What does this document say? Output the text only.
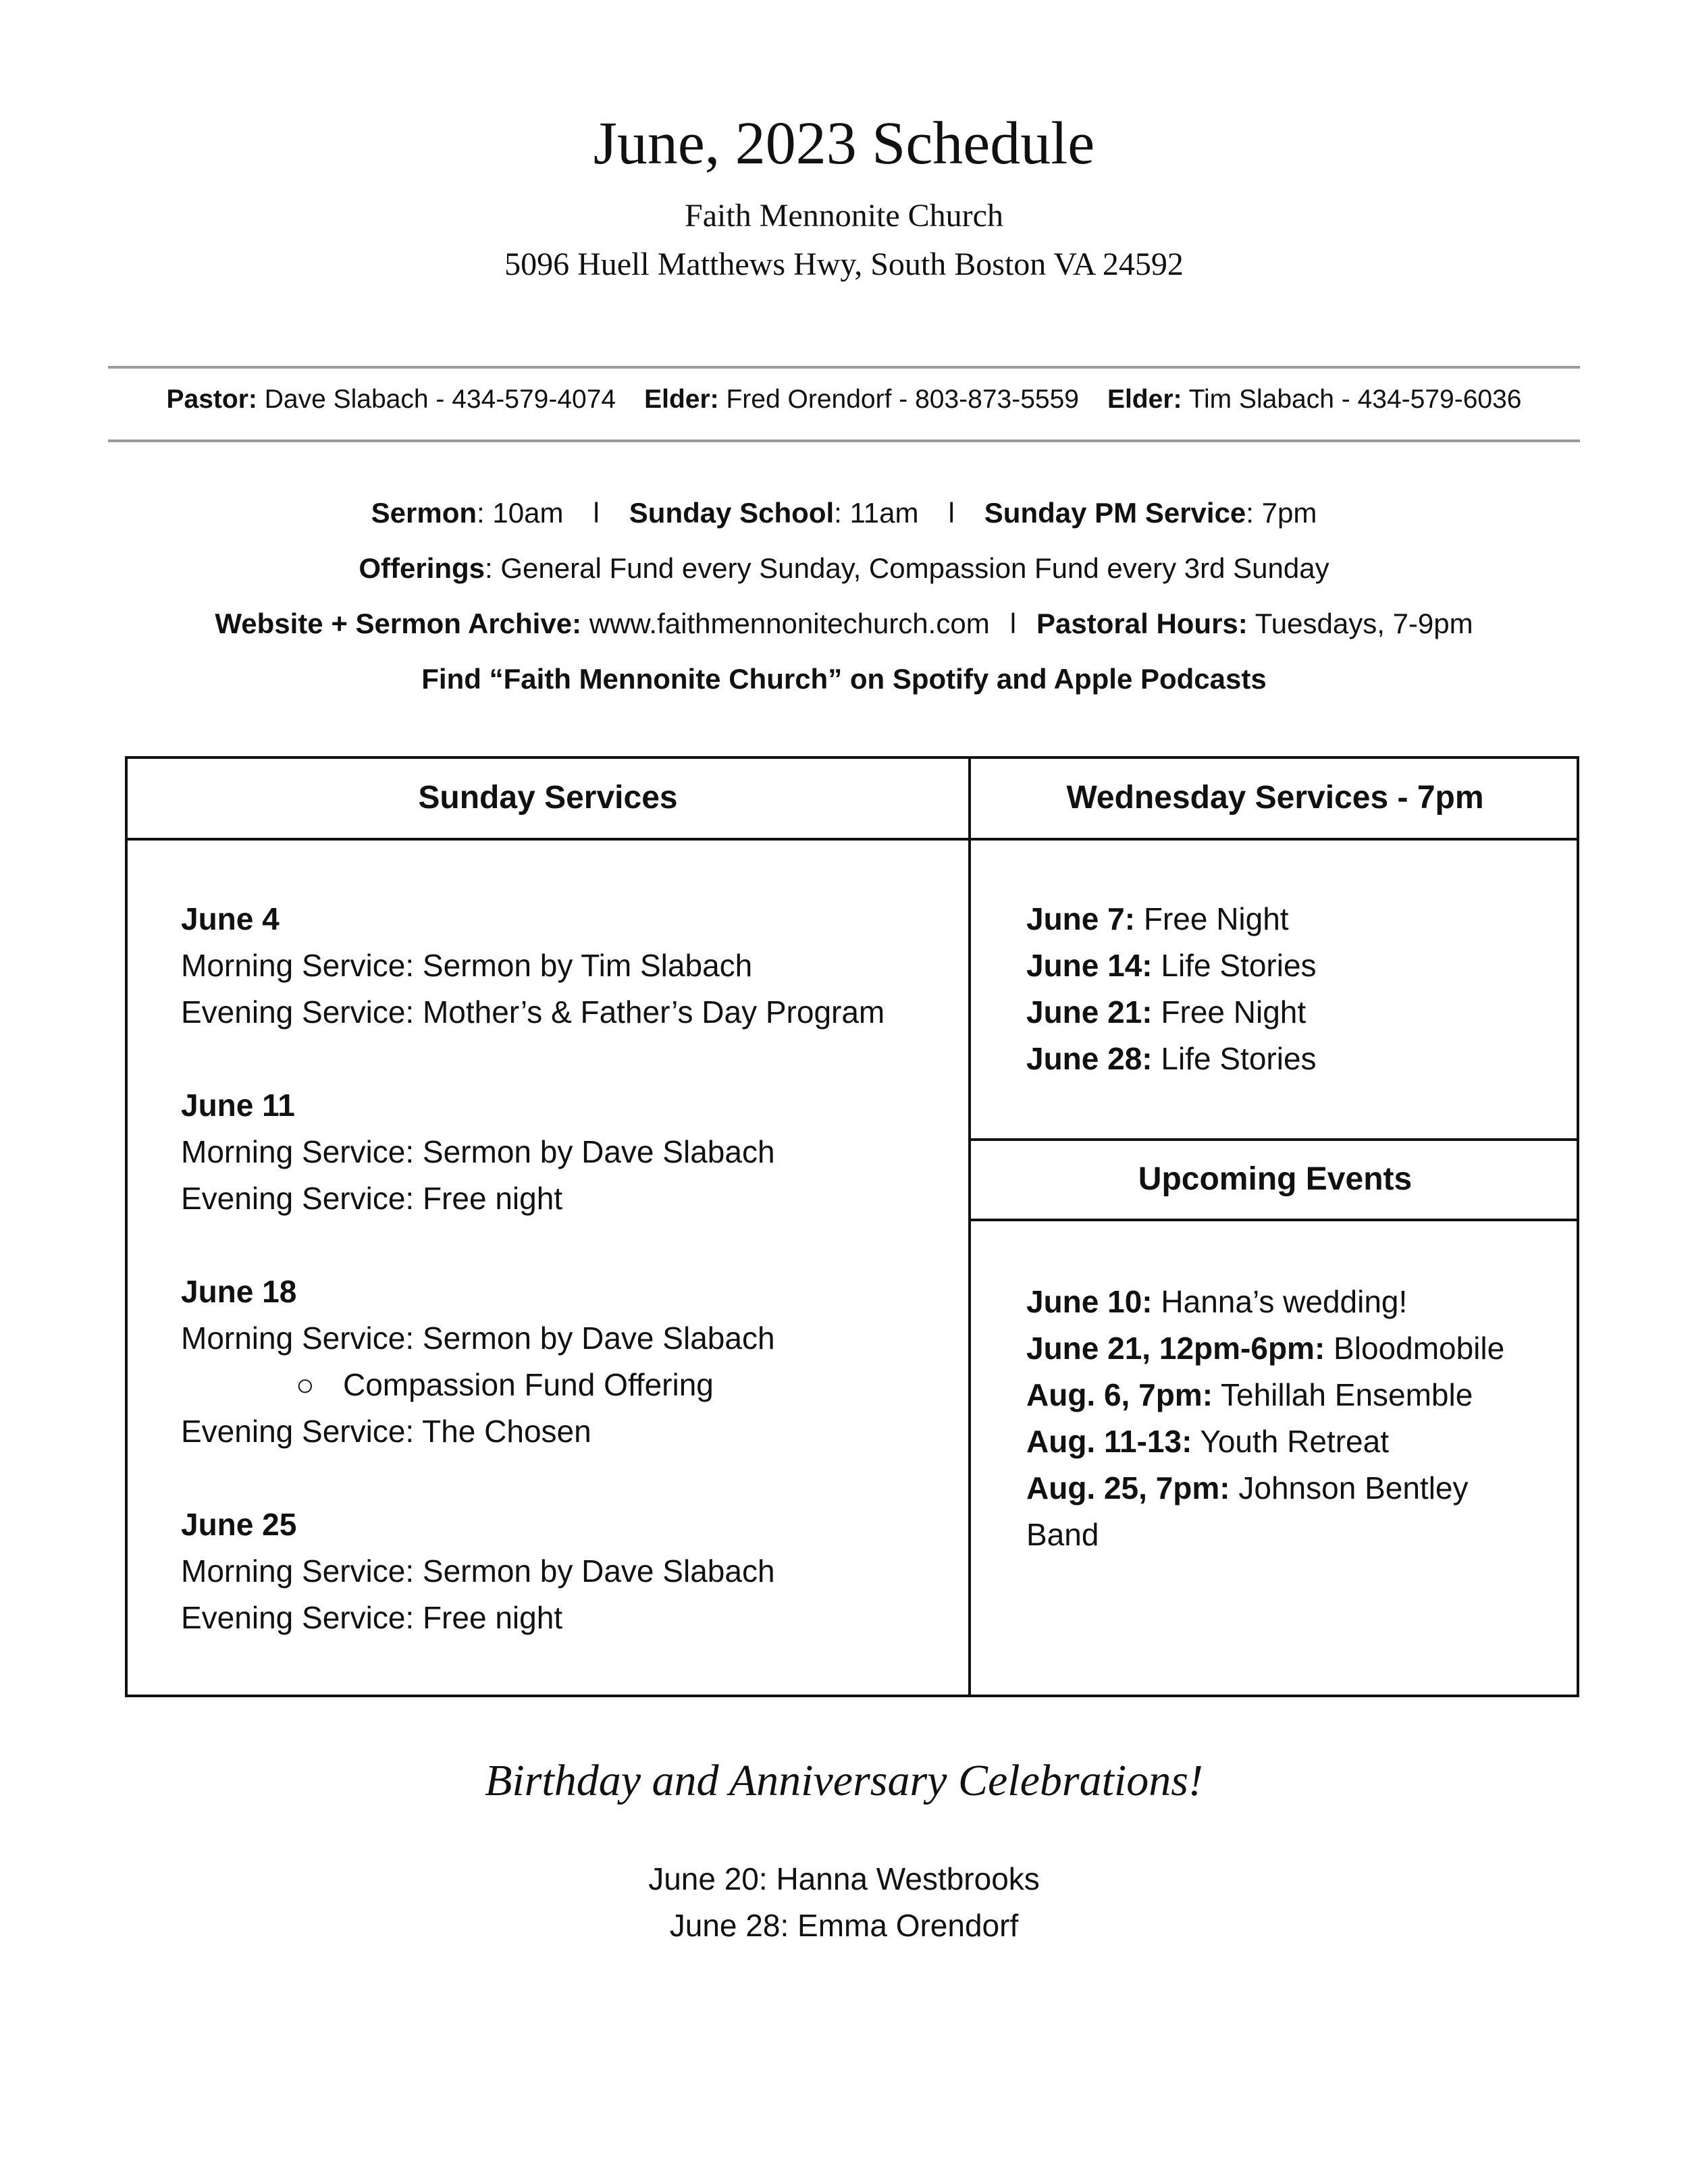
June, 2023 Schedule
Faith Mennonite Church
5096 Huell Matthews Hwy, South Boston VA 24592
Pastor: Dave Slabach - 434-579-4074 Elder: Fred Orendorf - 803-873-5559 Elder: Tim Slabach - 434-579-6036
Sermon: 10am l Sunday School: 11am l Sunday PM Service: 7pm
Offerings: General Fund every Sunday, Compassion Fund every 3rd Sunday
Website + Sermon Archive: www.faithmennonitechurch.com l Pastoral Hours: Tuesdays, 7-9pm
Find “Faith Mennonite Church” on Spotify and Apple Podcasts
Sunday Services	Wednesday Services - 7pm
Upcoming Events
June 4
Morning Service: Sermon by Tim Slabach
Evening Service: Mother’s & Father’s Day Program
June 11
Morning Service: Sermon by Dave Slabach
Evening Service: Free night
June 18
Morning Service: Sermon by Dave Slabach
○ Compassion Fund Offering
Evening Service: The Chosen
June 25
Morning Service: Sermon by Dave Slabach
Evening Service: Free night
June 7: Free Night
June 14: Life Stories
June 21: Free Night
June 28: Life Stories
June 10: Hanna’s wedding!
June 21, 12pm-6pm: Bloodmobile
Aug. 6, 7pm: Tehillah Ensemble
Aug. 11-13: Youth Retreat
Aug. 25, 7pm: Johnson Bentley
Band
Birthday and Anniversary Celebrations!
June 20: Hanna Westbrooks
June 28: Emma Orendorf
